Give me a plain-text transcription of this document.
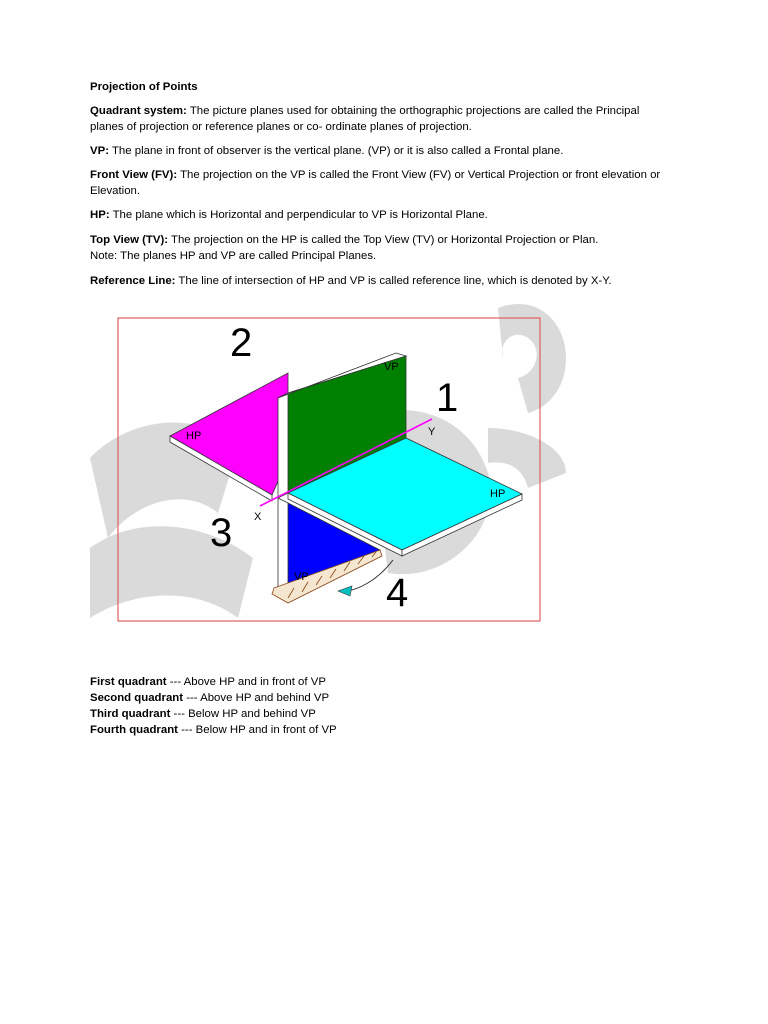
Projection of Points

Quadrant system: The picture planes used for obtaining the orthographic projections are called the Principal planes of projection or reference planes or co- ordinate planes of projection.

VP: The plane in front of observer is the vertical plane. (VP) or it is also called a Frontal plane.

Front View (FV): The projection on the VP is called the Front View (FV) or Vertical Projection or front elevation or Elevation.

HP: The plane which is Horizontal and perpendicular to VP is Horizontal Plane.

Top View (TV): The projection on the HP is called the Top View (TV) or Horizontal Projection or Plan.

Note: The planes HP and VP are called Principal Planes.

Reference Line: The line of intersection of HP and VP is called reference line, which is denoted by X-Y.

2
1
3
4
VP
VP
HP
HP
X
Y
First quadrant --- Above HP and in front of VP
Second quadrant --- Above HP and behind VP
Third quadrant --- Below HP and behind VP
Fourth quadrant --- Below HP and in front of VP
